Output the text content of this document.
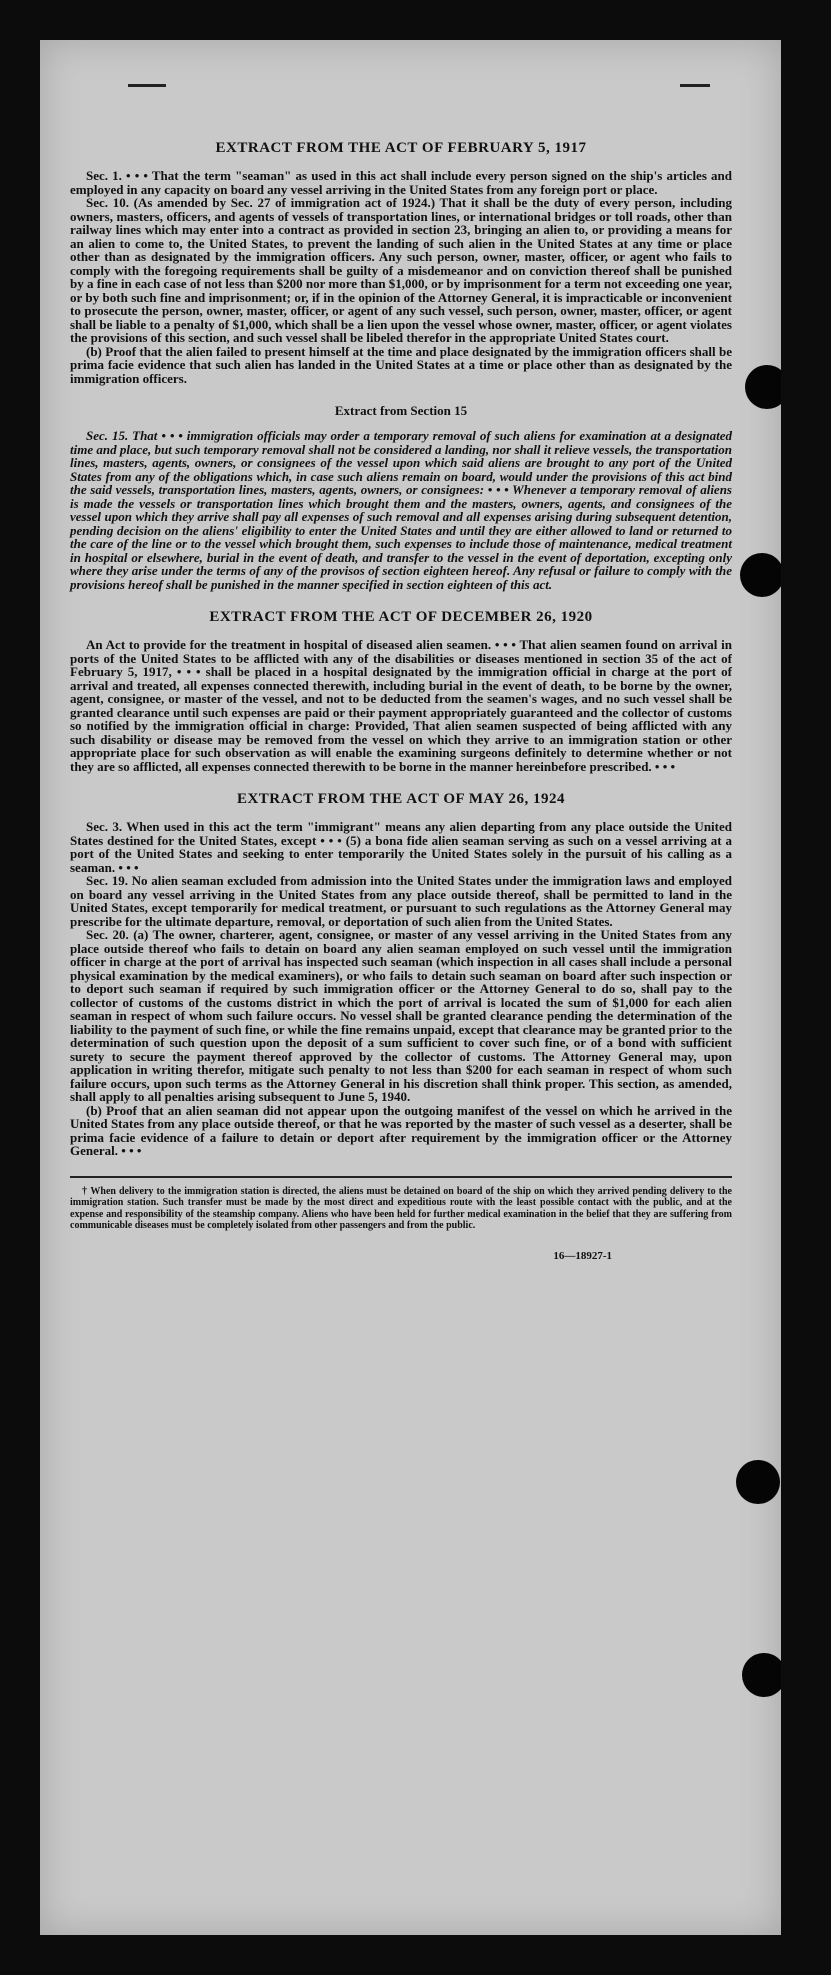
EXTRACT FROM THE ACT OF FEBRUARY 5, 1917

Sec. 1. • • • That the term "seaman" as used in this act shall include every person signed on the ship's articles and employed in any capacity on board any vessel arriving in the United States from any foreign port or place.

Sec. 10. (As amended by Sec. 27 of immigration act of 1924.) That it shall be the duty of every person, including owners, masters, officers, and agents of vessels of transportation lines, or international bridges or toll roads, other than railway lines which may enter into a contract as provided in section 23, bringing an alien to, or providing a means for an alien to come to, the United States, to prevent the landing of such alien in the United States at any time or place other than as designated by the immigration officers. Any such person, owner, master, officer, or agent who fails to comply with the foregoing requirements shall be guilty of a misdemeanor and on conviction thereof shall be punished by a fine in each case of not less than $200 nor more than $1,000, or by imprisonment for a term not exceeding one year, or by both such fine and imprisonment; or, if in the opinion of the Attorney General, it is impracticable or inconvenient to prosecute the person, owner, master, officer, or agent of any such vessel, such person, owner, master, officer, or agent shall be liable to a penalty of $1,000, which shall be a lien upon the vessel whose owner, master, officer, or agent violates the provisions of this section, and such vessel shall be libeled therefor in the appropriate United States court.

(b) Proof that the alien failed to present himself at the time and place designated by the immigration officers shall be prima facie evidence that such alien has landed in the United States at a time or place other than as designated by the immigration officers.

Extract from Section 15

Sec. 15. That • • • immigration officials may order a temporary removal of such aliens for examination at a designated time and place, but such temporary removal shall not be considered a landing, nor shall it relieve vessels, the transportation lines, masters, agents, owners, or consignees of the vessel upon which said aliens are brought to any port of the United States from any of the obligations which, in case such aliens remain on board, would under the provisions of this act bind the said vessels, transportation lines, masters, agents, owners, or consignees: • • • Whenever a temporary removal of aliens is made the vessels or transportation lines which brought them and the masters, owners, agents, and consignees of the vessel upon which they arrive shall pay all expenses of such removal and all expenses arising during subsequent detention, pending decision on the aliens' eligibility to enter the United States and until they are either allowed to land or returned to the care of the line or to the vessel which brought them, such expenses to include those of maintenance, medical treatment in hospital or elsewhere, burial in the event of death, and transfer to the vessel in the event of deportation, excepting only where they arise under the terms of any of the provisos of section eighteen hereof. Any refusal or failure to comply with the provisions hereof shall be punished in the manner specified in section eighteen of this act.

EXTRACT FROM THE ACT OF DECEMBER 26, 1920

An Act to provide for the treatment in hospital of diseased alien seamen. • • • That alien seamen found on arrival in ports of the United States to be afflicted with any of the disabilities or diseases mentioned in section 35 of the act of February 5, 1917, • • • shall be placed in a hospital designated by the immigration official in charge at the port of arrival and treated, all expenses connected therewith, including burial in the event of death, to be borne by the owner, agent, consignee, or master of the vessel, and not to be deducted from the seamen's wages, and no such vessel shall be granted clearance until such expenses are paid or their payment appropriately guaranteed and the collector of customs so notified by the immigration official in charge: Provided, That alien seamen suspected of being afflicted with any such disability or disease may be removed from the vessel on which they arrive to an immigration station or other appropriate place for such observation as will enable the examining surgeons definitely to determine whether or not they are so afflicted, all expenses connected therewith to be borne in the manner hereinbefore prescribed. • • •

EXTRACT FROM THE ACT OF MAY 26, 1924

Sec. 3. When used in this act the term "immigrant" means any alien departing from any place outside the United States destined for the United States, except • • • (5) a bona fide alien seaman serving as such on a vessel arriving at a port of the United States and seeking to enter temporarily the United States solely in the pursuit of his calling as a seaman. • • •

Sec. 19. No alien seaman excluded from admission into the United States under the immigration laws and employed on board any vessel arriving in the United States from any place outside thereof, shall be permitted to land in the United States, except temporarily for medical treatment, or pursuant to such regulations as the Attorney General may prescribe for the ultimate departure, removal, or deportation of such alien from the United States.

Sec. 20. (a) The owner, charterer, agent, consignee, or master of any vessel arriving in the United States from any place outside thereof who fails to detain on board any alien seaman employed on such vessel until the immigration officer in charge at the port of arrival has inspected such seaman (which inspection in all cases shall include a personal physical examination by the medical examiners), or who fails to detain such seaman on board after such inspection or to deport such seaman if required by such immigration officer or the Attorney General to do so, shall pay to the collector of customs of the customs district in which the port of arrival is located the sum of $1,000 for each alien seaman in respect of whom such failure occurs. No vessel shall be granted clearance pending the determination of the liability to the payment of such fine, or while the fine remains unpaid, except that clearance may be granted prior to the determination of such question upon the deposit of a sum sufficient to cover such fine, or of a bond with sufficient surety to secure the payment thereof approved by the collector of customs. The Attorney General may, upon application in writing therefor, mitigate such penalty to not less than $200 for each seaman in respect of whom such failure occurs, upon such terms as the Attorney General in his discretion shall think proper. This section, as amended, shall apply to all penalties arising subsequent to June 5, 1940.

(b) Proof that an alien seaman did not appear upon the outgoing manifest of the vessel on which he arrived in the United States from any place outside thereof, or that he was reported by the master of such vessel as a deserter, shall be prima facie evidence of a failure to detain or deport after requirement by the immigration officer or the Attorney General. • • •

† When delivery to the immigration station is directed, the aliens must be detained on board of the ship on which they arrived pending delivery to the immigration station. Such transfer must be made by the most direct and expeditious route with the least possible contact with the public, and at the expense and responsibility of the steamship company. Aliens who have been held for further medical examination in the belief that they are suffering from communicable diseases must be completely isolated from other passengers and from the public.

16—18927-1
